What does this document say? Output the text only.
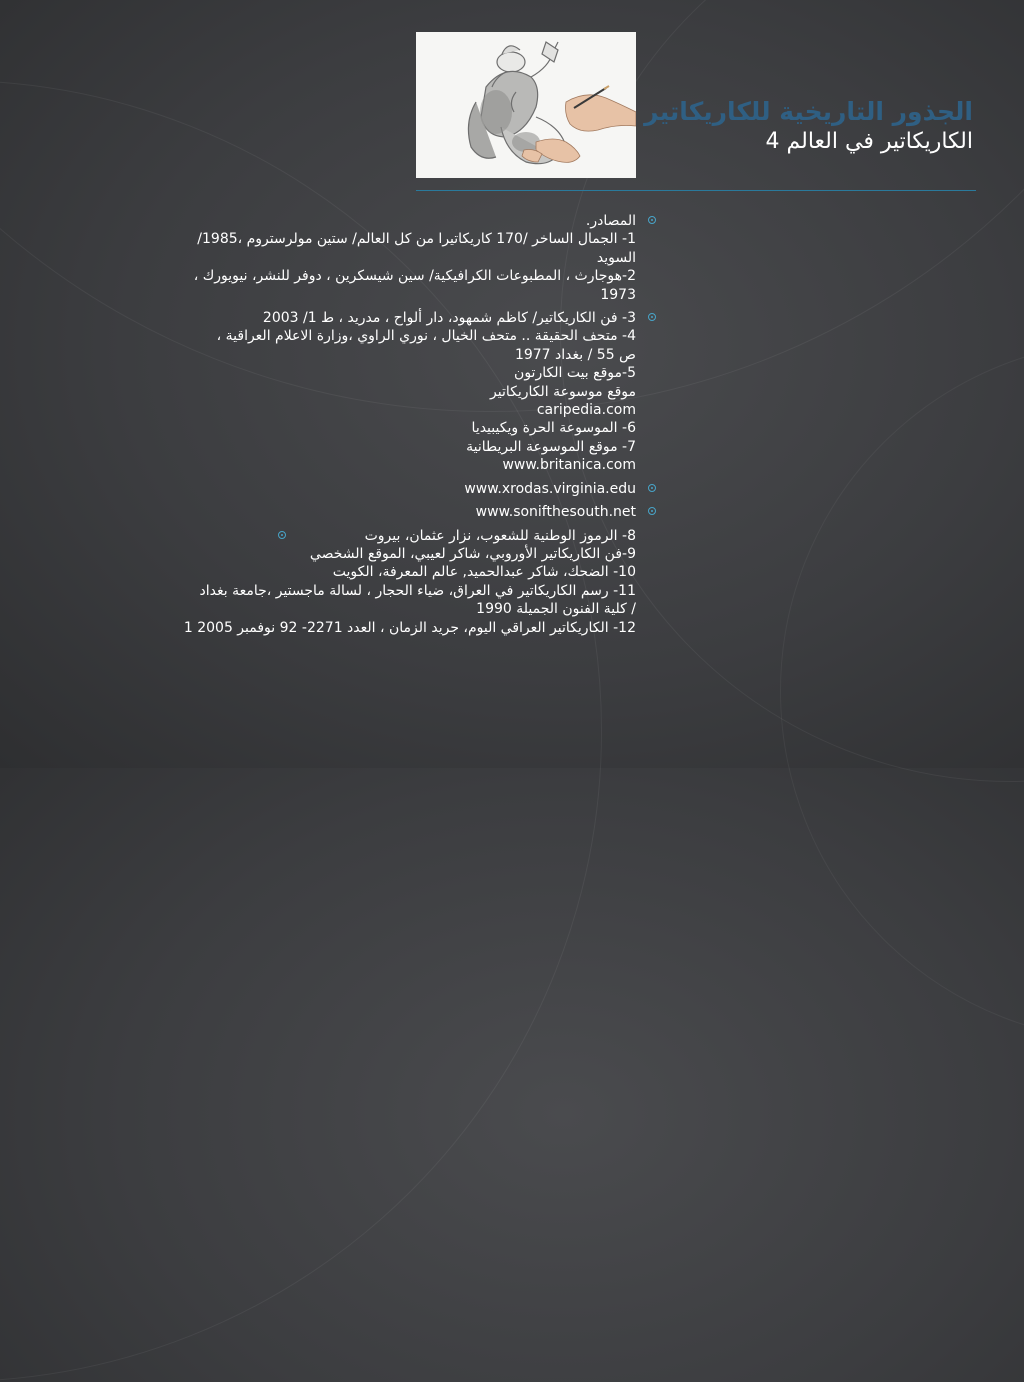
الجذور التاريخية للكاريكاتير
الكاريكاتير في العالم 4
المصادر.
1- الجمال الساخر /170 كاريكاتيرا من كل العالم/ ستين مولرستروم ،1985/
السويد
2-هوجارث ، المطبوعات الكرافيكية/ سين شيسكرين ، دوفر للنشر، نيويورك ،
1973
3- فن الكاريكاتير/ كاظم شمهود، دار ألواح ، مدريد ، ط 1/ 2003
4- متحف الحقيقة .. متحف الخيال ، نوري الراوي ،وزارة الاعلام العراقية ،
ص 55 / بغداد 1977
5-موقع بيت الكارتون
موقع موسوعة الكاريكاتير
caripedia.com
6- الموسوعة الحرة ويكيبيديا
7- موقع الموسوعة البريطانية
www.britanica.com
www.xrodas.virginia.edu
www.sonifthesouth.net
8- الرموز الوطنية للشعوب، نزار عثمان، بيروت
9-فن الكاريكاتير الأوروبي، شاكر لعيبي، الموقع الشخصي
10- الضحك، شاكر عبدالحميد, عالم المعرفة، الكويت
11- رسم الكاريكاتير في العراق، ضياء الحجار ، لسالة ماجستير ،جامعة بغداد
/ كلية الفنون الجميلة 1990
12- الكاريكاتير العراقي اليوم، جريد الزمان ، العدد 2271- 92 نوفمبر 2005 1
